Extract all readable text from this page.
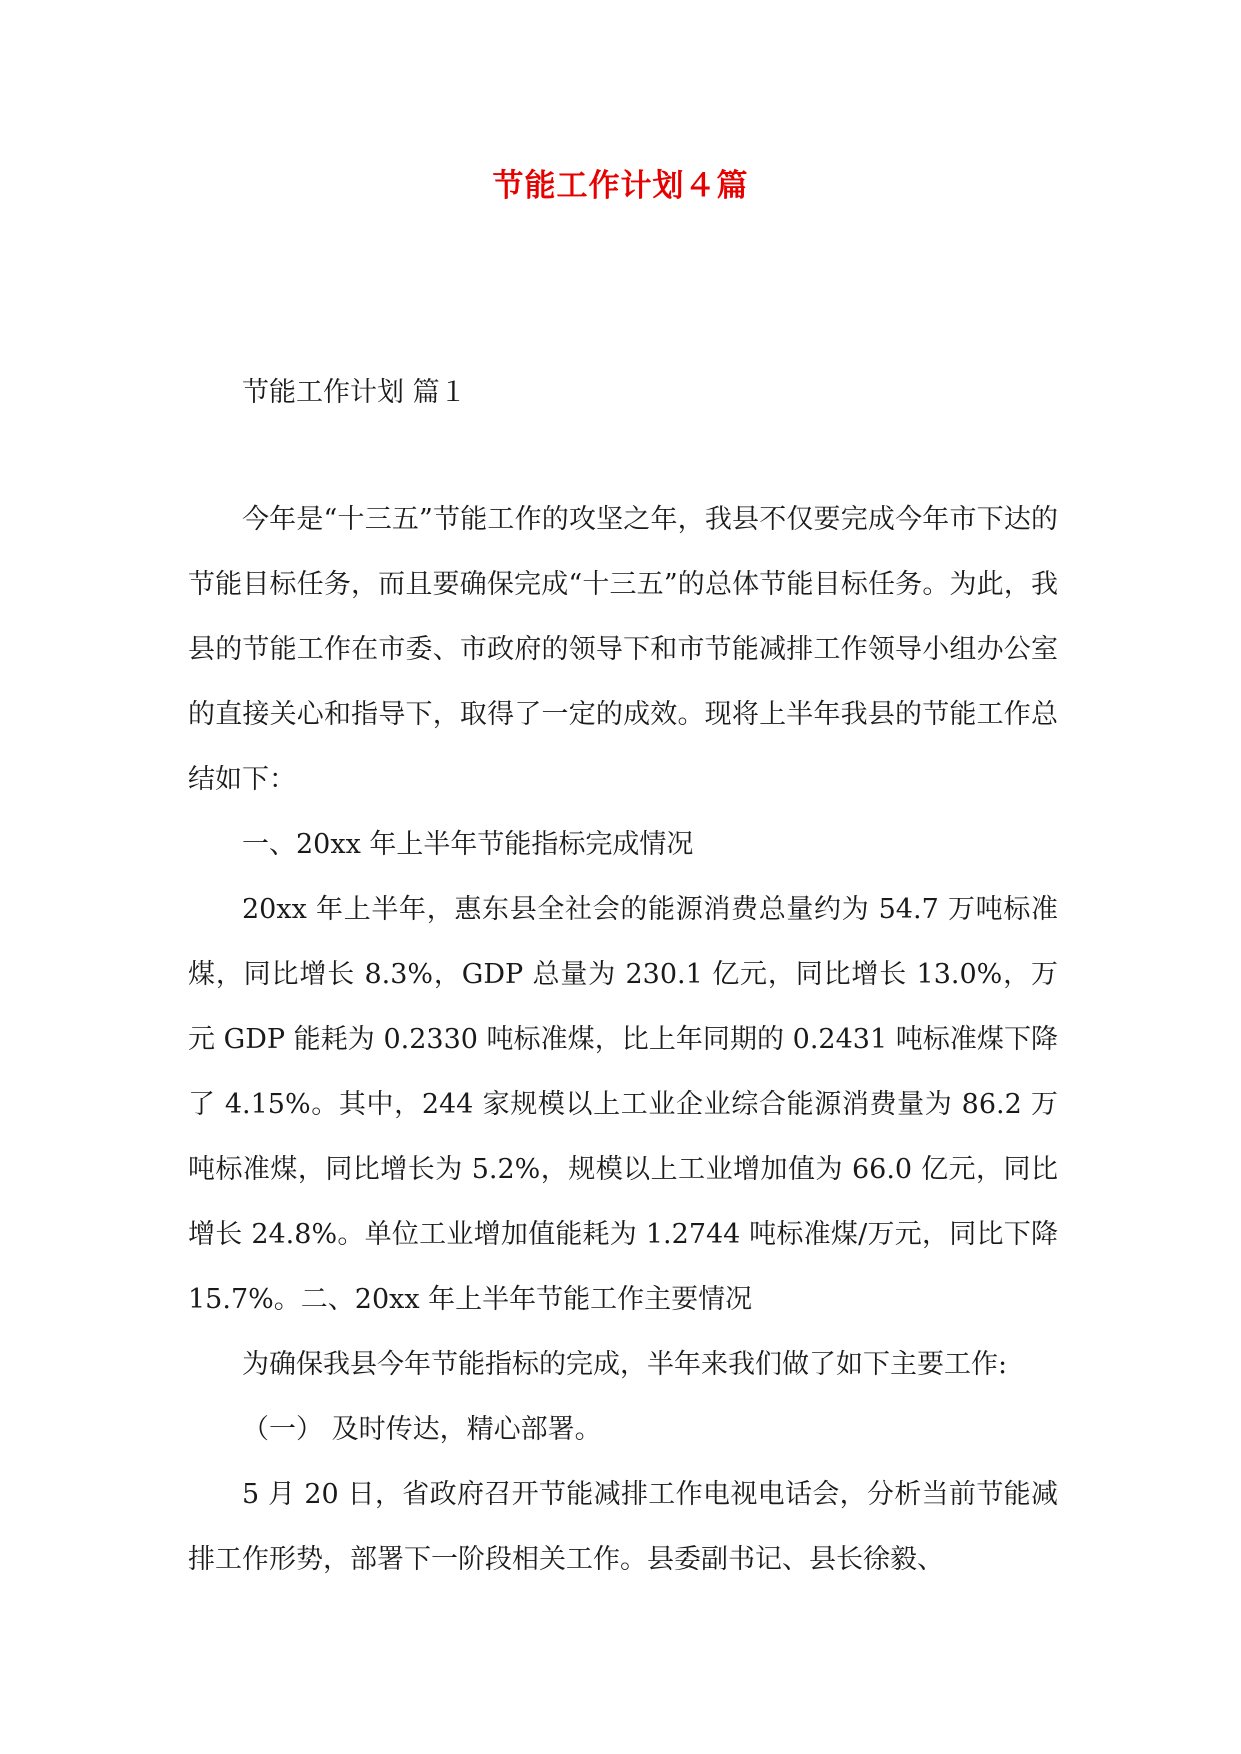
节能工作计划４篇

节能工作计划 篇１

今年是“十三五”节能工作的攻坚之年，我县不仅要完成今年市下达的节能目标任务，而且要确保完成“十三五”的总体节能目标任务。为此，我县的节能工作在市委、市政府的领导下和市节能减排工作领导小组办公室的直接关心和指导下，取得了一定的成效。现将上半年我县的节能工作总结如下：

一、20xx 年上半年节能指标完成情况

20xx 年上半年，惠东县全社会的能源消费总量约为 54.7 万吨标准煤，同比增长 8.3%，GDP 总量为 230.1 亿元，同比增长 13.0%，万元 GDP 能耗为 0.2330 吨标准煤，比上年同期的 0.2431 吨标准煤下降了 4.15%。其中，244 家规模以上工业企业综合能源消费量为 86.2 万吨标准煤，同比增长为 5.2%，规模以上工业增加值为 66.0 亿元，同比增长 24.8%。单位工业增加值能耗为 1.2744 吨标准煤/万元，同比下降 15.7%。二、20xx 年上半年节能工作主要情况

为确保我县今年节能指标的完成，半年来我们做了如下主要工作:

（一） 及时传达，精心部署。

5 月 20 日，省政府召开节能减排工作电视电话会，分析当前节能减排工作形势，部署下一阶段相关工作。县委副书记、县长徐毅、
